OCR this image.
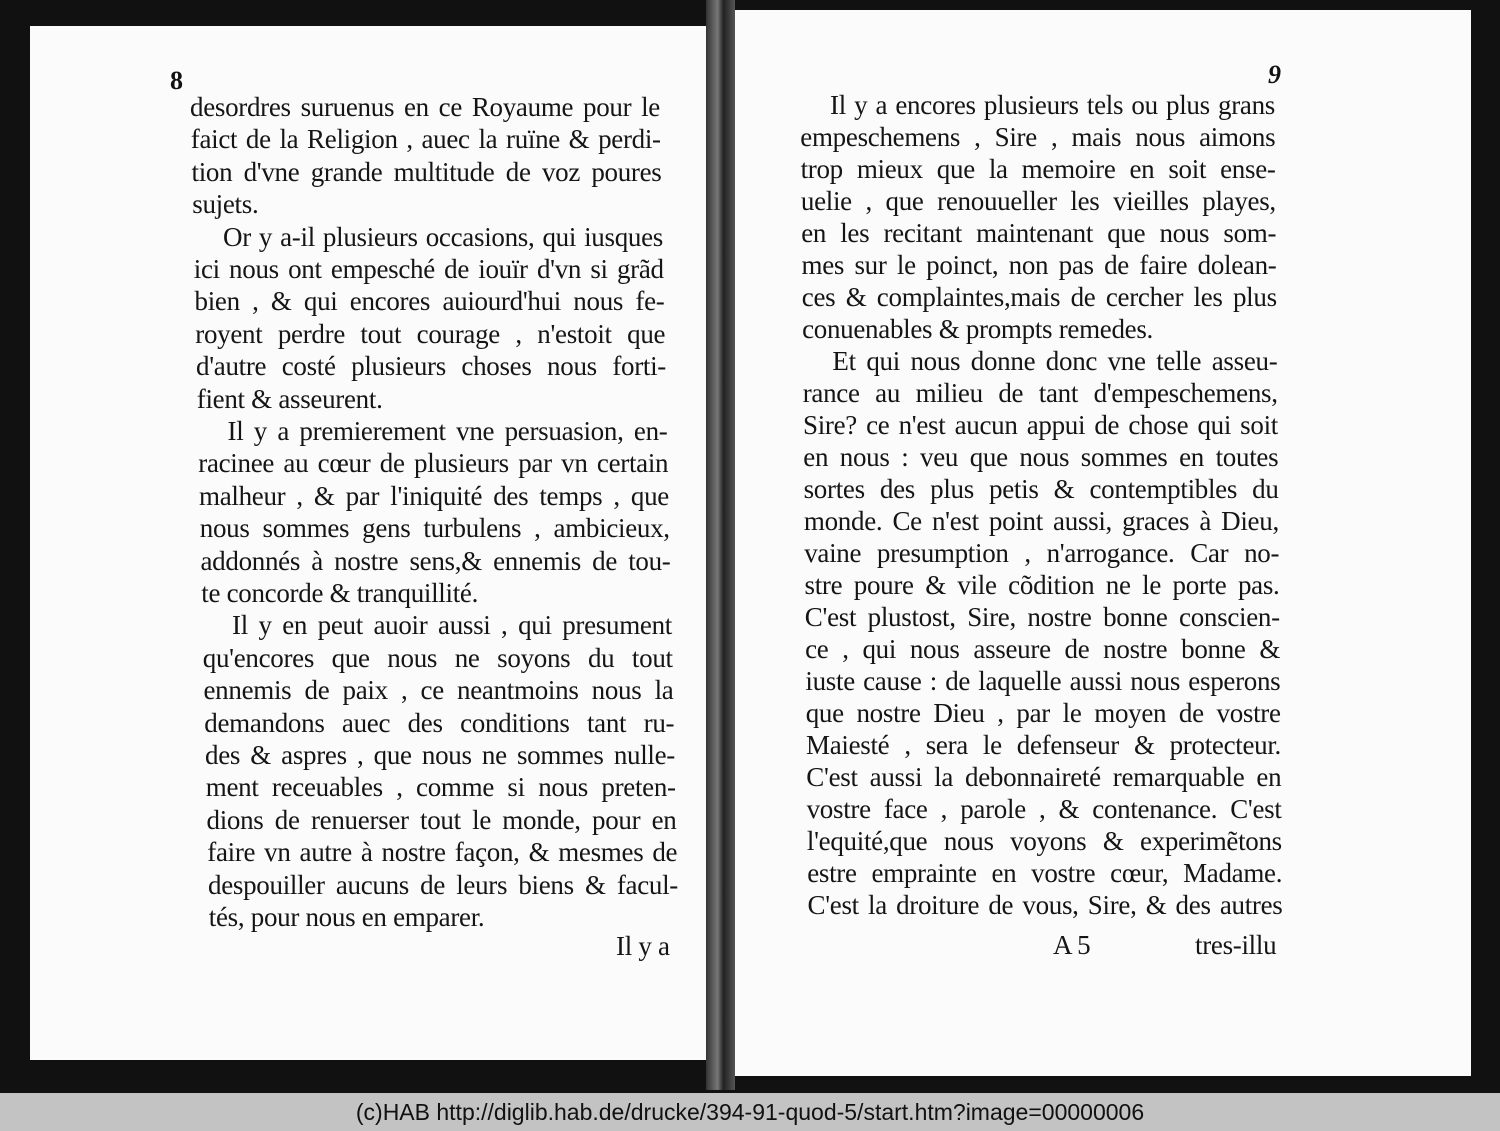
8
desordres suruenus en ce Royaume pour le
faict de la Religion , auec la ruïne & perdi-
tion d'vne grande multitude de voz poures
sujets.
Or y a-il plusieurs occasions, qui iusques
ici nous ont empesché de iouïr d'vn si grãd
bien , & qui encores auiourd'hui nous fe-
royent perdre tout courage , n'estoit que
d'autre costé plusieurs choses nous forti-
fient & asseurent.
Il y a premierement vne persuasion, en-
racinee au cœur de plusieurs par vn certain
malheur , & par l'iniquité des temps , que
nous sommes gens turbulens , ambicieux,
addonnés à nostre sens,& ennemis de tou-
te concorde & tranquillité.
Il y en peut auoir aussi , qui presument
qu'encores que nous ne soyons du tout
ennemis de paix , ce neantmoins nous la
demandons auec des conditions tant ru-
des & aspres , que nous ne sommes nulle-
ment receuables , comme si nous preten-
dions de renuerser tout le monde, pour en
faire vn autre à nostre façon, & mesmes de
despouiller aucuns de leurs biens & facul-
tés, pour nous en emparer.
Il y a
9
Il y a encores plusieurs tels ou plus grans
empeschemens , Sire , mais nous aimons
trop mieux que la memoire en soit ense-
uelie , que renouueller les vieilles playes,
en les recitant maintenant que nous som-
mes sur le poinct, non pas de faire dolean-
ces & complaintes,mais de cercher les plus
conuenables & prompts remedes.
Et qui nous donne donc vne telle asseu-
rance au milieu de tant d'empeschemens,
Sire? ce n'est aucun appui de chose qui soit
en nous : veu que nous sommes en toutes
sortes des plus petis & contemptibles du
monde. Ce n'est point aussi, graces à Dieu,
vaine presumption , n'arrogance. Car no-
stre poure & vile cõdition ne le porte pas.
C'est plustost, Sire, nostre bonne conscien-
ce , qui nous asseure de nostre bonne &
iuste cause : de laquelle aussi nous esperons
que nostre Dieu , par le moyen de vostre
Maiesté , sera le defenseur & protecteur.
C'est aussi la debonnaireté remarquable en
vostre face , parole , & contenance. C'est
l'equité,que nous voyons & experimẽtons
estre emprainte en vostre cœur, Madame.
C'est la droiture de vous, Sire, & des autres
A 5	tres-illu
(c)HAB http://diglib.hab.de/drucke/394-91-quod-5/start.htm?image=00000006
